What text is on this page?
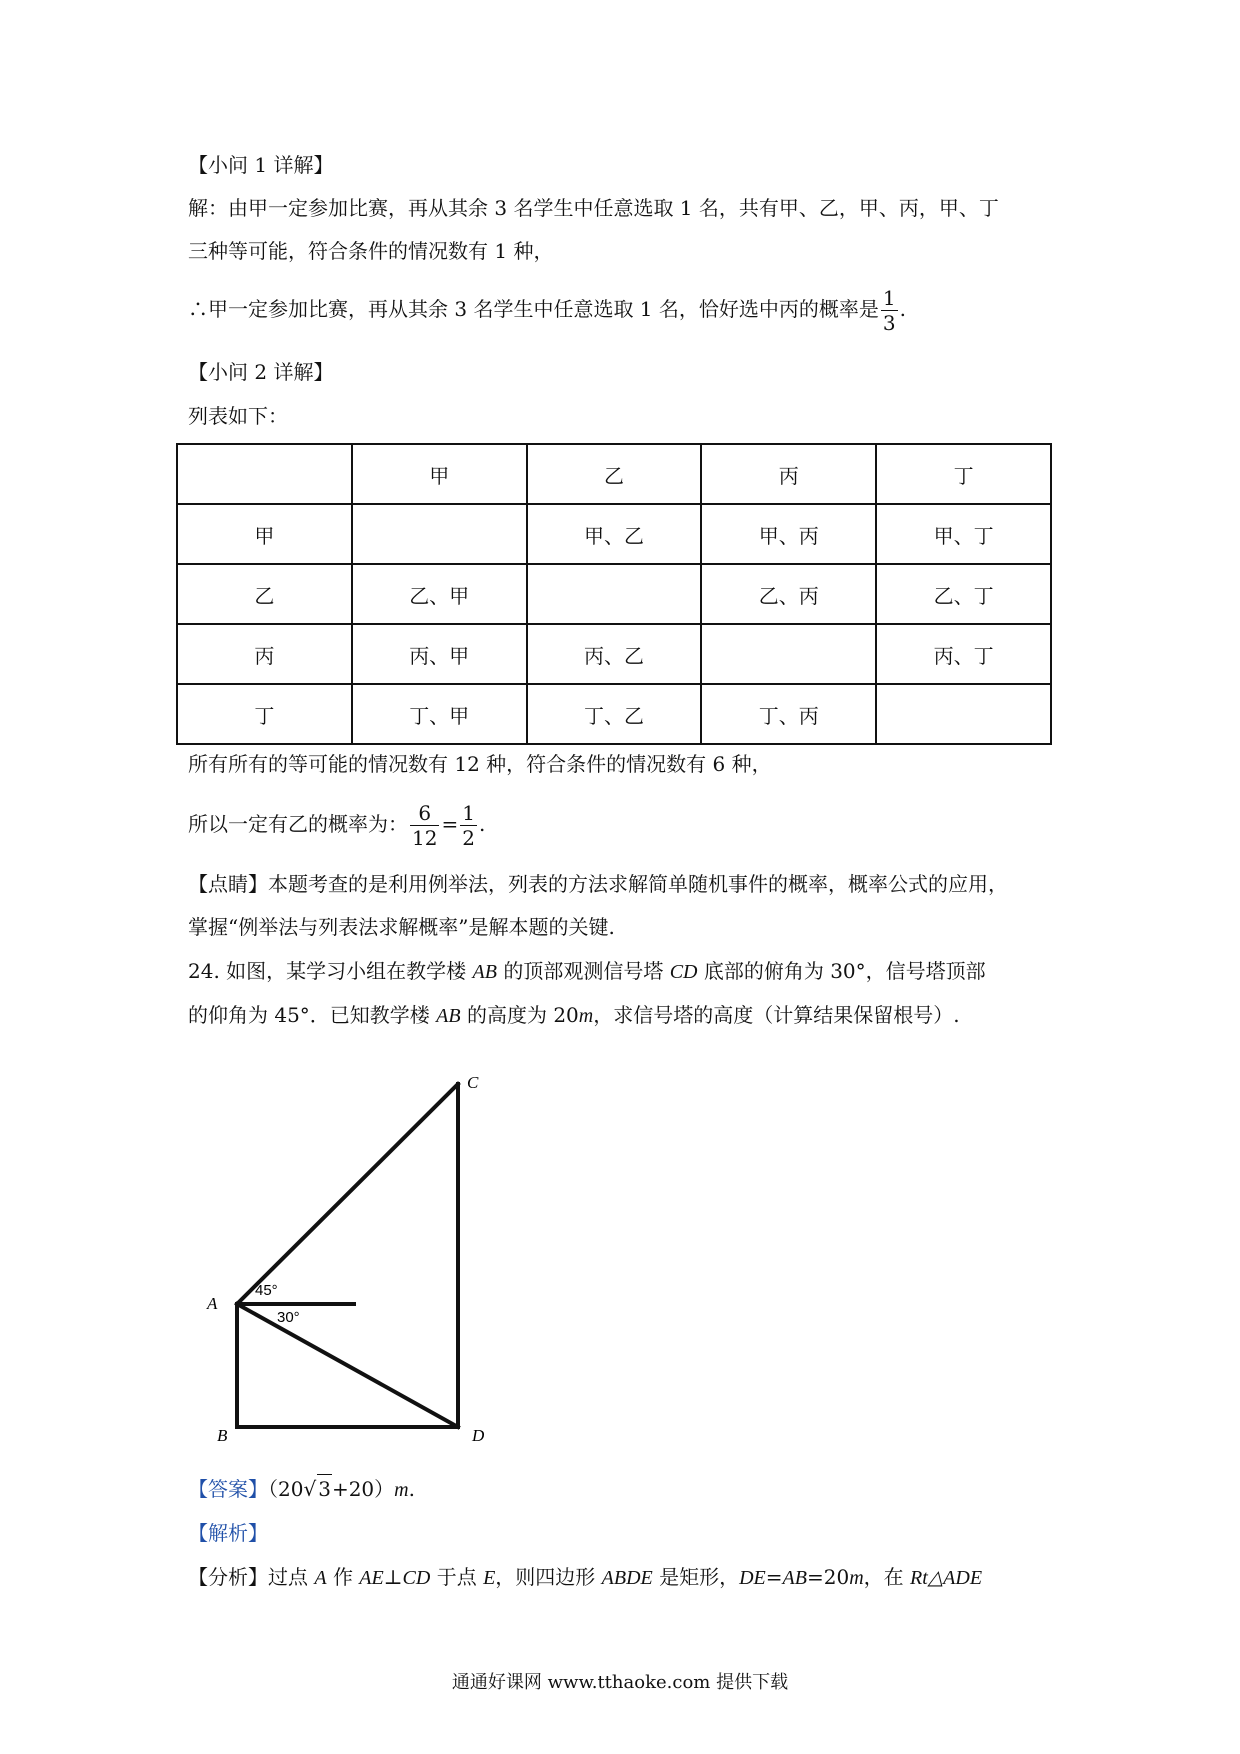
【小问 1 详解】
解：由甲一定参加比赛，再从其余 3 名学生中任意选取 1 名，共有甲、乙，甲、丙，甲、丁
三种等可能，符合条件的情况数有 1 种，
∴甲一定参加比赛，再从其余 3 名学生中任意选取 1 名，恰好选中丙的概率是 $\frac{1}{3}$ .
【小问 2 详解】
列表如下：
	甲	乙	丙	丁
甲		甲、乙	甲、丙	甲、丁
乙	乙、甲		乙、丙	乙、丁
丙	丙、甲	丙、乙		丙、丁
丁	丁、甲	丁、乙	丁、丙	
所有所有的等可能的情况数有 12 种，符合条件的情况数有 6 种，
所以一定有乙的概率为： $\frac{6}{12} = \frac{1}{2}$ .
【点睛】本题考查的是利用例举法，列表的方法求解简单随机事件的概率，概率公式的应用，
掌握“例举法与列表法求解概率”是解本题的关键.
24. 如图，某学习小组在教学楼 AB 的顶部观测信号塔 CD 底部的俯角为 30°，信号塔顶部
的仰角为 45°．已知教学楼 AB 的高度为 20m，求信号塔的高度（计算结果保留根号）.
C
A
B	D
45°
30°
【答案】（20√ 3+20）m.
【解析】
【分析】过点 A 作 AE⊥CD 于点 E，则四边形 ABDE 是矩形，DE=AB=20m，在 Rt△ADE
通通好课网 www.tthaoke.com 提供下载
